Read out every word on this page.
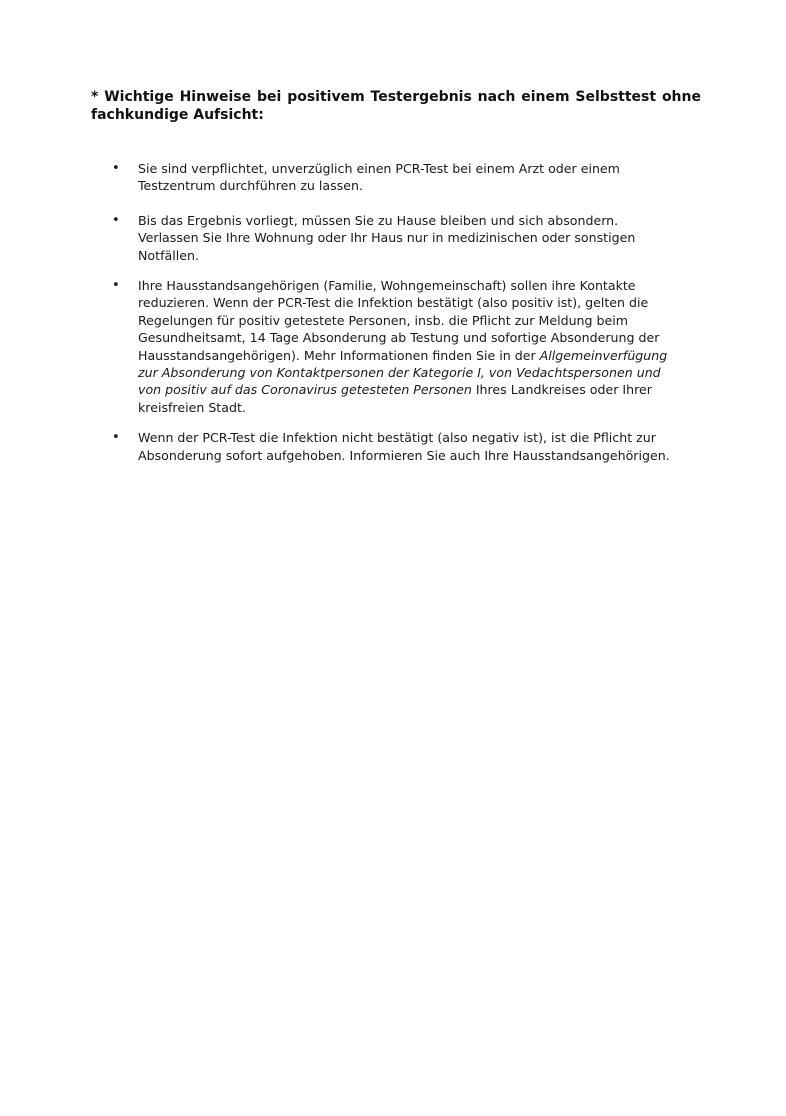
* Wichtige Hinweise bei positivem Testergebnis nach einem Selbsttest ohne fachkundige Aufsicht:

• Sie sind verpflichtet, unverzüglich einen PCR-Test bei einem Arzt oder einem Testzentrum durchführen zu lassen.

• Bis das Ergebnis vorliegt, müssen Sie zu Hause bleiben und sich absondern. Verlassen Sie Ihre Wohnung oder Ihr Haus nur in medizinischen oder sonstigen Notfällen.

• Ihre Hausstandsangehörigen (Familie, Wohngemeinschaft) sollen ihre Kontakte reduzieren. Wenn der PCR-Test die Infektion bestätigt (also positiv ist), gelten die Regelungen für positiv getestete Personen, insb. die Pflicht zur Meldung beim Gesundheitsamt, 14 Tage Absonderung ab Testung und sofortige Absonderung der Hausstandsangehörigen). Mehr Informationen finden Sie in der Allgemeinverfügung zur Absonderung von Kontaktpersonen der Kategorie I, von Vedachtspersonen und von positiv auf das Coronavirus getesteten Personen Ihres Landkreises oder Ihrer kreisfreien Stadt.

• Wenn der PCR-Test die Infektion nicht bestätigt (also negativ ist), ist die Pflicht zur Absonderung sofort aufgehoben. Informieren Sie auch Ihre Hausstandsangehörigen.
